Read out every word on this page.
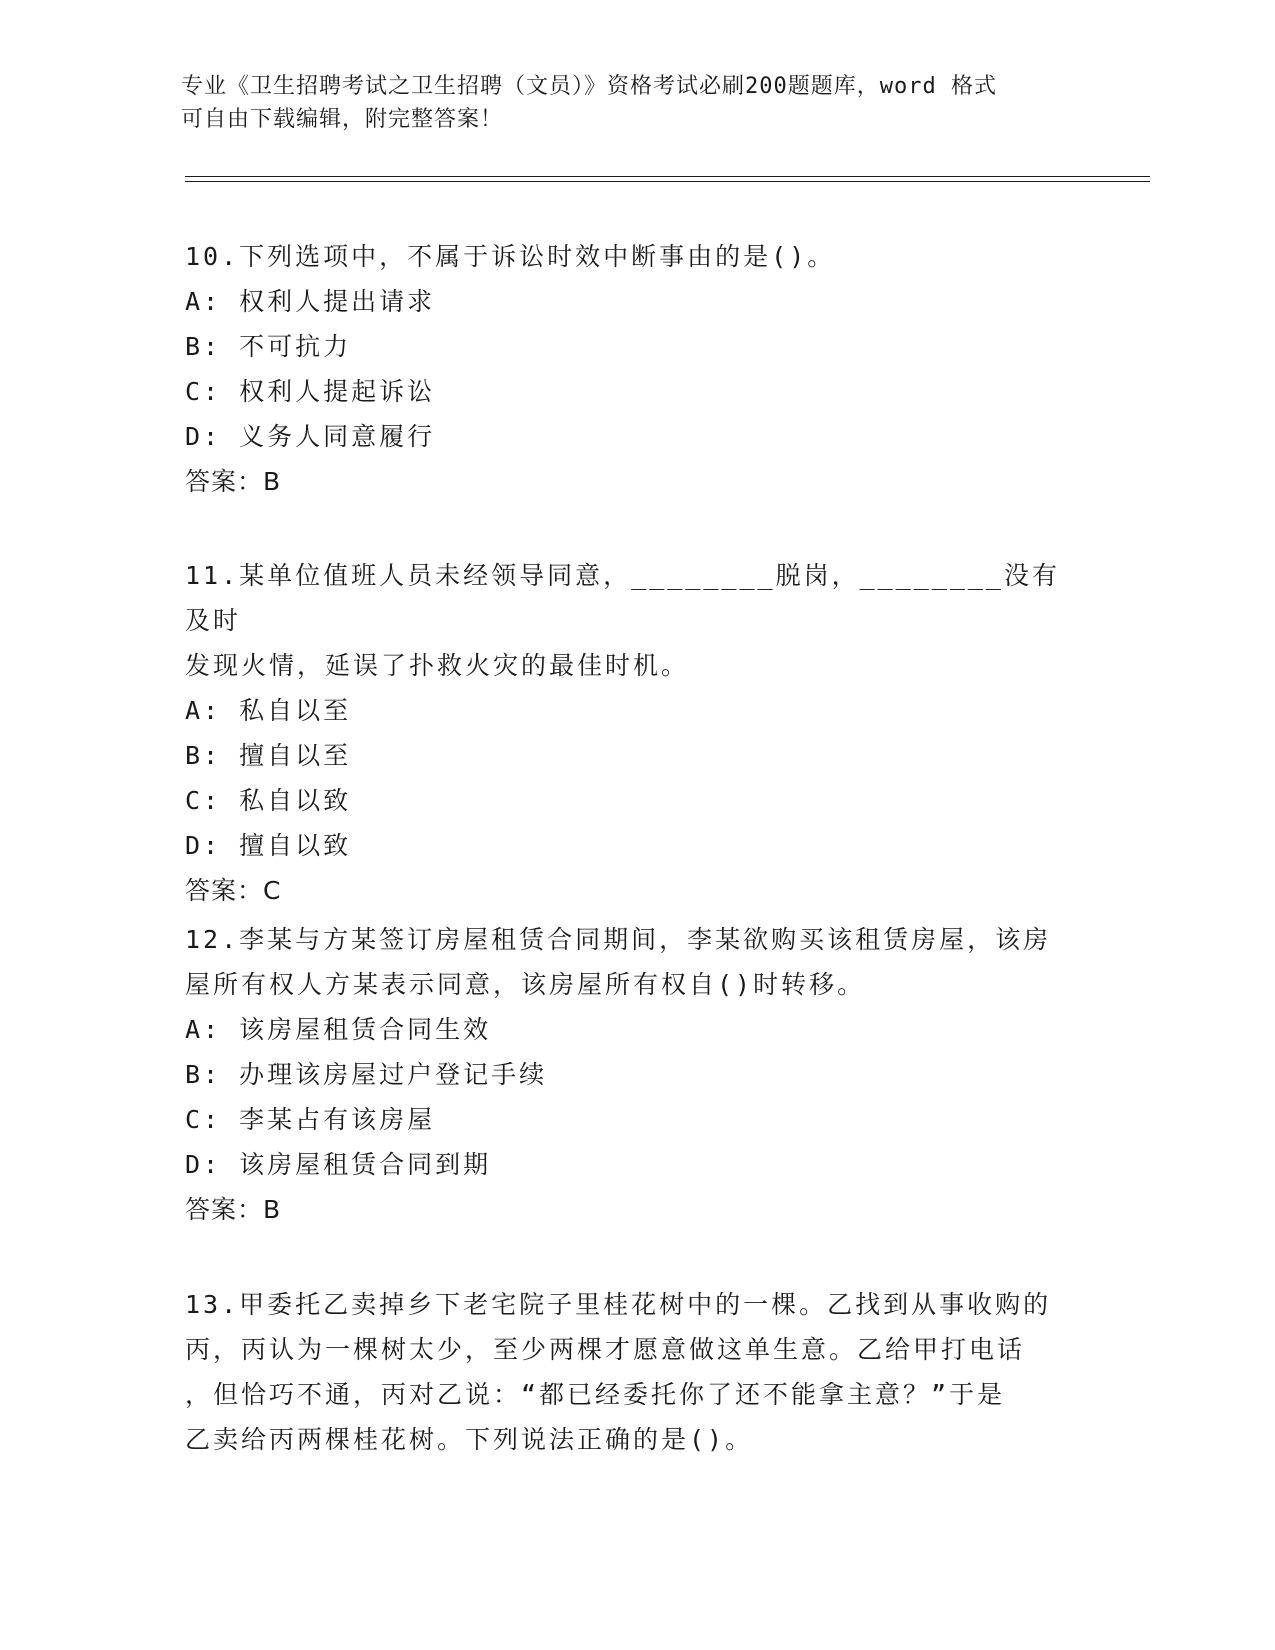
专业《卫生招聘考试之卫生招聘（文员）》资格考试必刷200题题库，word 格式
可自由下载编辑，附完整答案！

10.下列选项中，不属于诉讼时效中断事由的是()。

A: 权利人提出请求

B: 不可抗力

C: 权利人提起诉讼

D: 义务人同意履行

答案：B

11.某单位值班人员未经领导同意，________脱岗，________没有及时

发现火情，延误了扑救火灾的最佳时机。

A: 私自以至

B: 擅自以至

C: 私自以致

D: 擅自以致

答案：C

12.李某与方某签订房屋租赁合同期间，李某欲购买该租赁房屋，该房

屋所有权人方某表示同意，该房屋所有权自()时转移。

A: 该房屋租赁合同生效

B: 办理该房屋过户登记手续

C: 李某占有该房屋

D: 该房屋租赁合同到期

答案：B

13.甲委托乙卖掉乡下老宅院子里桂花树中的一棵。乙找到从事收购的

丙，丙认为一棵树太少，至少两棵才愿意做这单生意。乙给甲打电话

，但恰巧不通，丙对乙说：“都已经委托你了还不能拿主意？”于是

乙卖给丙两棵桂花树。下列说法正确的是()。
